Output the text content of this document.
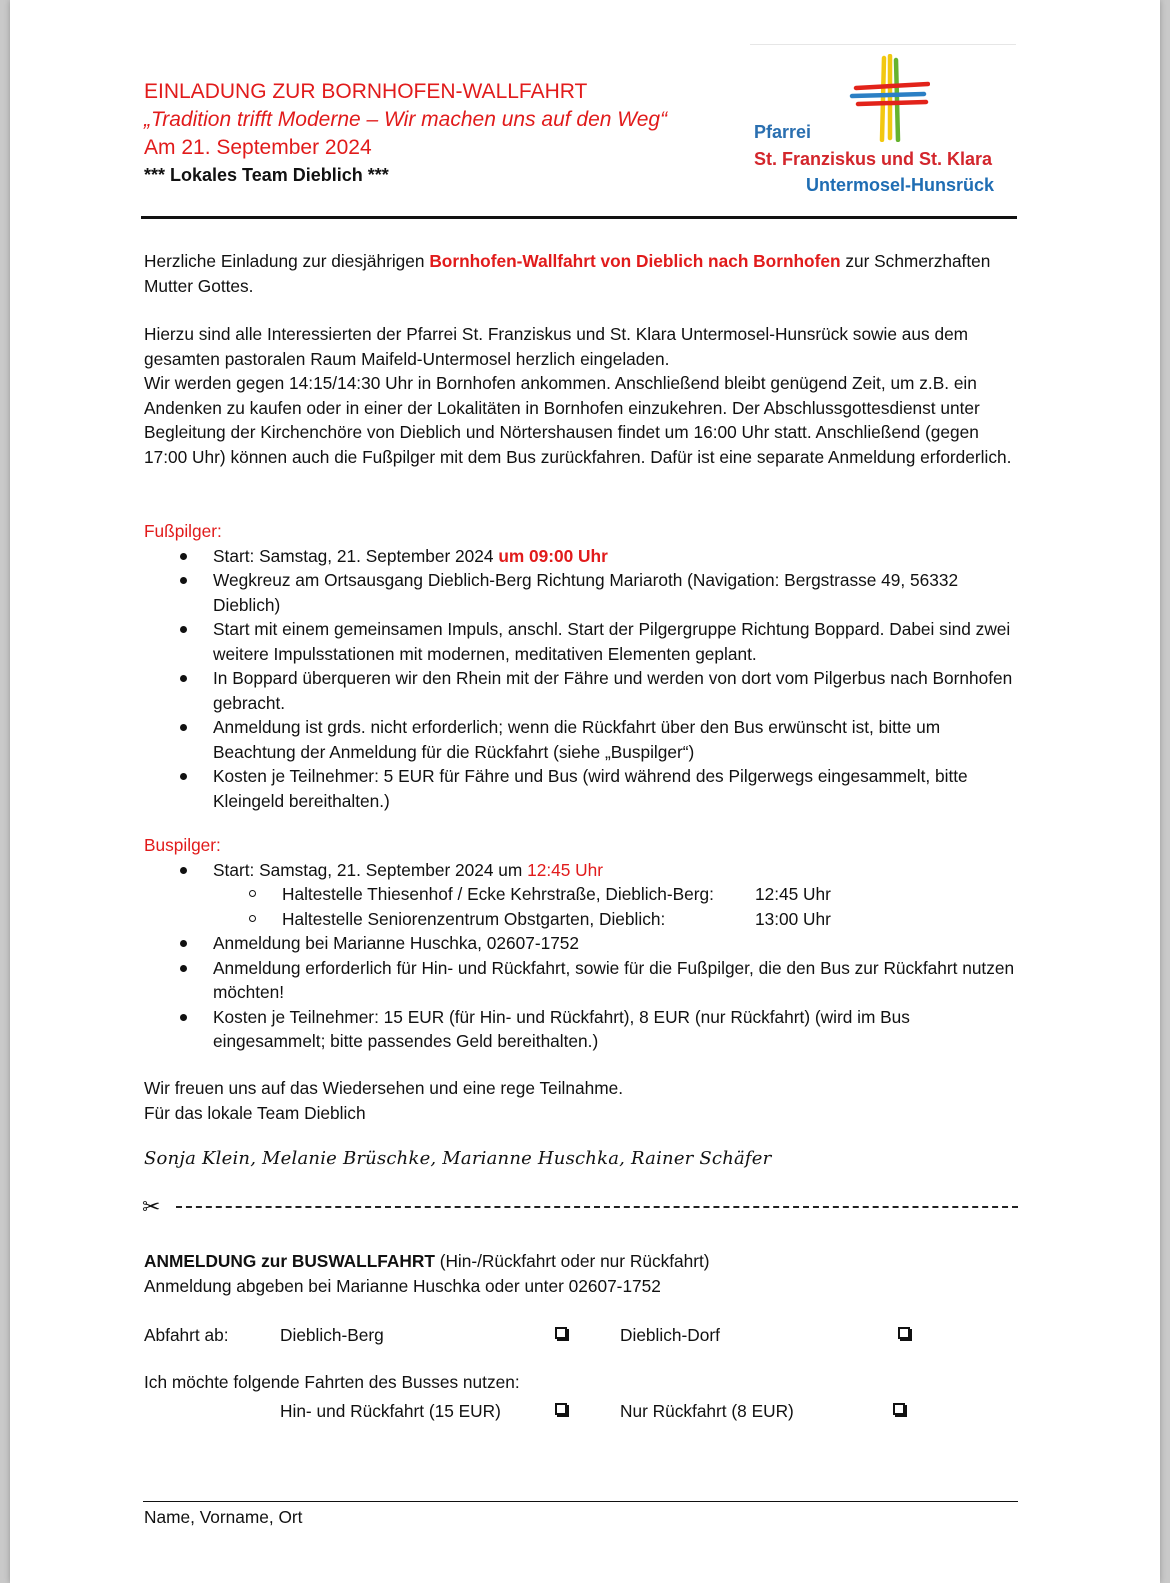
EINLADUNG ZUR BORNHOFEN-WALLFAHRT
„Tradition trifft Moderne – Wir machen uns auf den Weg“
Am 21. September 2024
*** Lokales Team Dieblich ***
Pfarrei
St. Franziskus und St. Klara
Untermosel-Hunsrück
Herzliche Einladung zur diesjährigen Bornhofen-Wallfahrt von Dieblich nach Bornhofen zur Schmerzhaften Mutter Gottes.
Hierzu sind alle Interessierten der Pfarrei St. Franziskus und St. Klara Untermosel-Hunsrück sowie aus dem gesamten pastoralen Raum Maifeld-Untermosel herzlich eingeladen.
Wir werden gegen 14:15/14:30 Uhr in Bornhofen ankommen. Anschließend bleibt genügend Zeit, um z.B. ein Andenken zu kaufen oder in einer der Lokalitäten in Bornhofen einzukehren. Der Abschlussgottesdienst unter Begleitung der Kirchenchöre von Dieblich und Nörtershausen findet um 16:00 Uhr statt. Anschließend (gegen 17:00 Uhr) können auch die Fußpilger mit dem Bus zurückfahren. Dafür ist eine separate Anmeldung erforderlich.
Fußpilger:
Start: Samstag, 21. September 2024 um 09:00 Uhr
Wegkreuz am Ortsausgang Dieblich-Berg Richtung Mariaroth (Navigation: Bergstrasse 49, 56332 Dieblich)
Start mit einem gemeinsamen Impuls, anschl. Start der Pilgergruppe Richtung Boppard. Dabei sind zwei weitere Impulsstationen mit modernen, meditativen Elementen geplant.
In Boppard überqueren wir den Rhein mit der Fähre und werden von dort vom Pilgerbus nach Bornhofen gebracht.
Anmeldung ist grds. nicht erforderlich; wenn die Rückfahrt über den Bus erwünscht ist, bitte um Beachtung der Anmeldung für die Rückfahrt (siehe „Buspilger“)
Kosten je Teilnehmer: 5 EUR für Fähre und Bus (wird während des Pilgerwegs eingesammelt, bitte Kleingeld bereithalten.)
Buspilger:
Start: Samstag, 21. September 2024 um 12:45 Uhr
Haltestelle Thiesenhof / Ecke Kehrstraße, Dieblich-Berg: 12:45 Uhr
Haltestelle Seniorenzentrum Obstgarten, Dieblich:	13:00 Uhr
Anmeldung bei Marianne Huschka, 02607-1752
Anmeldung erforderlich für Hin- und Rückfahrt, sowie für die Fußpilger, die den Bus zur Rückfahrt nutzen möchten!
Kosten je Teilnehmer: 15 EUR (für Hin- und Rückfahrt), 8 EUR (nur Rückfahrt) (wird im Bus eingesammelt; bitte passendes Geld bereithalten.)
Wir freuen uns auf das Wiedersehen und eine rege Teilnahme.
Für das lokale Team Dieblich
Sonja Klein, Melanie Brüschke, Marianne Huschka, Rainer Schäfer
✂
ANMELDUNG zur BUSWALLFAHRT (Hin-/Rückfahrt oder nur Rückfahrt)
Anmeldung abgeben bei Marianne Huschka oder unter 02607-1752
Abfahrt ab:	Dieblich-Berg	Dieblich-Dorf
Ich möchte folgende Fahrten des Busses nutzen:
Hin- und Rückfahrt (15 EUR)	Nur Rückfahrt (8 EUR)
Name, Vorname, Ort
